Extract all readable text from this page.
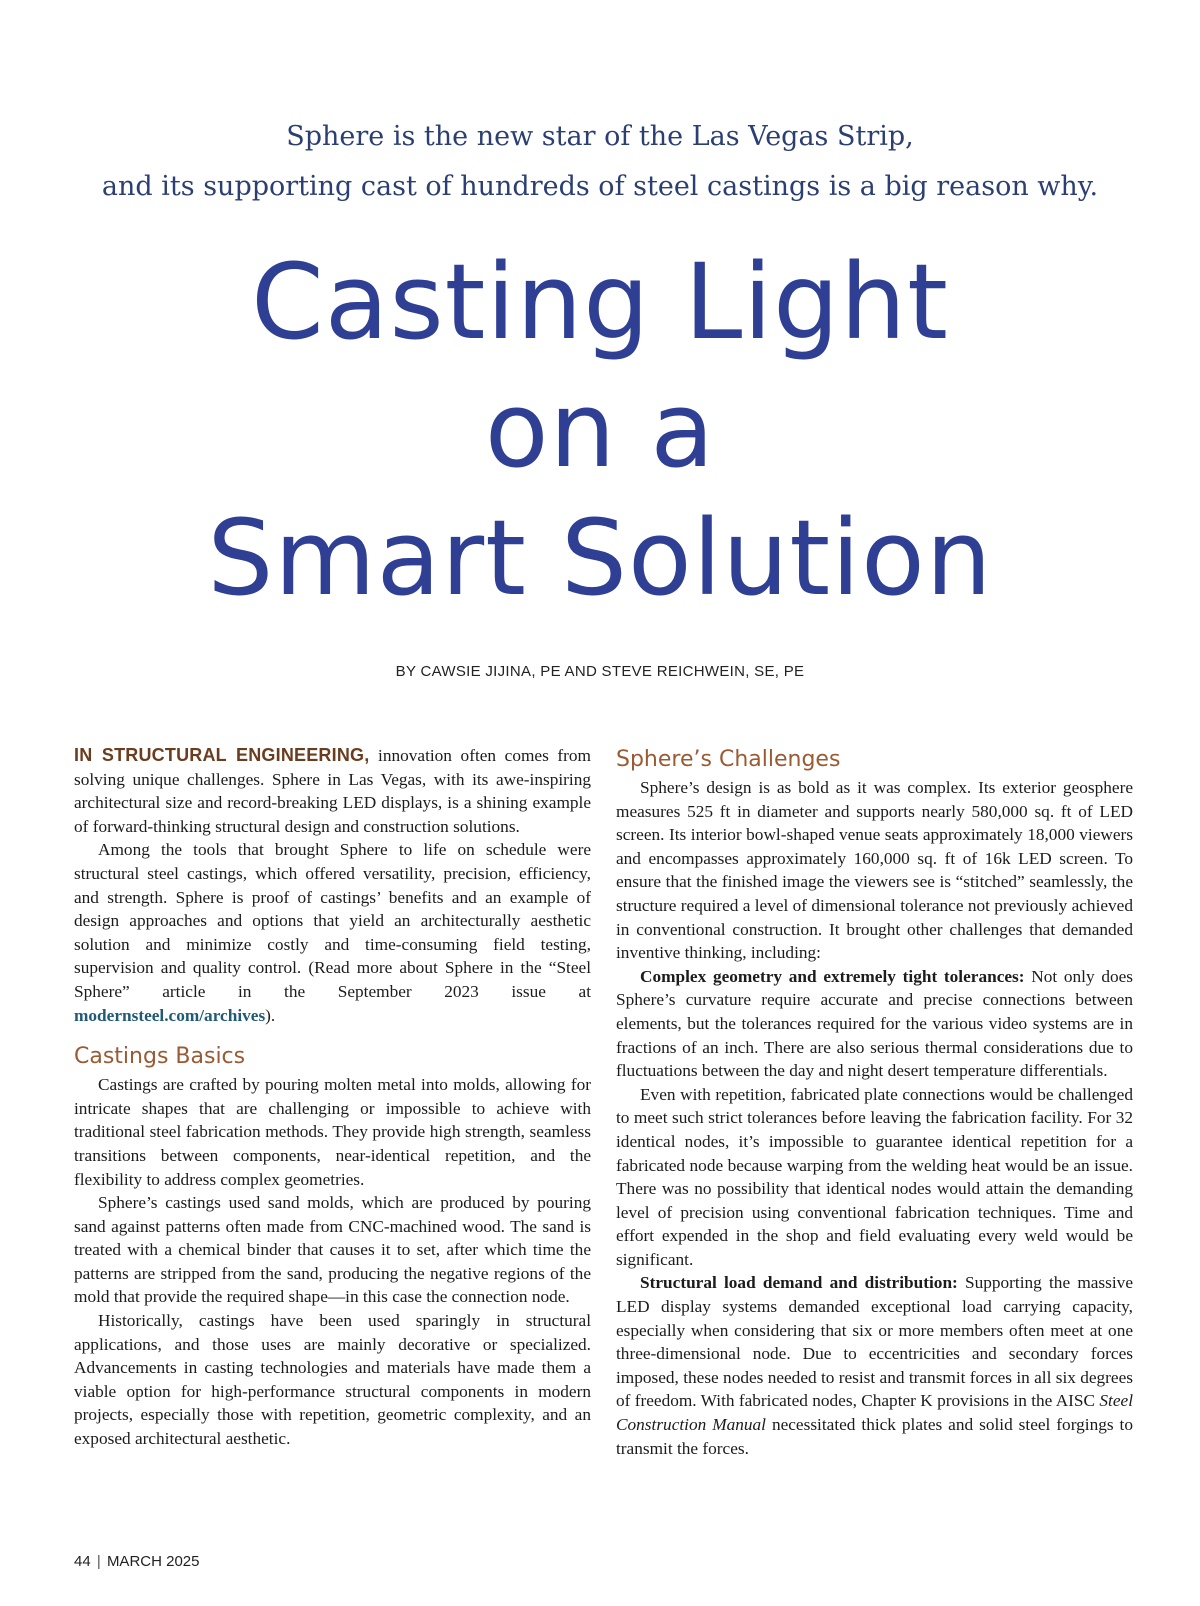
Sphere is the new star of the Las Vegas Strip,
and its supporting cast of hundreds of steel castings is a big reason why.
Casting Light
on a
Smart Solution
BY CAWSIE JIJINA, PE AND STEVE REICHWEIN, SE, PE

IN STRUCTURAL ENGINEERING, innovation often comes from solving unique challenges. Sphere in Las Vegas, with its awe-inspiring architectural size and record-breaking LED displays, is a shining example of forward-thinking structural design and construction solutions.

Among the tools that brought Sphere to life on schedule were structural steel castings, which offered versatility, precision, efficiency, and strength. Sphere is proof of castings’ benefits and an example of design approaches and options that yield an architecturally aesthetic solution and minimize costly and time-consuming field testing, supervision and quality control. (Read more about Sphere in the “Steel Sphere” article in the September 2023 issue at modernsteel.com/archives).

Castings Basics

Castings are crafted by pouring molten metal into molds, allowing for intricate shapes that are challenging or impossible to achieve with traditional steel fabrication methods. They provide high strength, seamless transitions between components, near-identical repetition, and the flexibility to address complex geometries.

Sphere’s castings used sand molds, which are produced by pouring sand against patterns often made from CNC-machined wood. The sand is treated with a chemical binder that causes it to set, after which time the patterns are stripped from the sand, producing the negative regions of the mold that provide the required shape—in this case the connection node.

Historically, castings have been used sparingly in structural applications, and those uses are mainly decorative or specialized. Advancements in casting technologies and materials have made them a viable option for high-performance structural components in modern projects, especially those with repetition, geometric complexity, and an exposed architectural aesthetic.

Sphere’s Challenges

Sphere’s design is as bold as it was complex. Its exterior geosphere measures 525 ft in diameter and supports nearly 580,000 sq. ft of LED screen. Its interior bowl-shaped venue seats approximately 18,000 viewers and encompasses approximately 160,000 sq. ft of 16k LED screen. To ensure that the finished image the viewers see is “stitched” seamlessly, the structure required a level of dimensional tolerance not previously achieved in conventional construction. It brought other challenges that demanded inventive thinking, including:

Complex geometry and extremely tight tolerances: Not only does Sphere’s curvature require accurate and precise connections between elements, but the tolerances required for the various video systems are in fractions of an inch. There are also serious thermal considerations due to fluctuations between the day and night desert temperature differentials.

Even with repetition, fabricated plate connections would be challenged to meet such strict tolerances before leaving the fabrication facility. For 32 identical nodes, it’s impossible to guarantee identical repetition for a fabricated node because warping from the welding heat would be an issue. There was no possibility that identical nodes would attain the demanding level of precision using conventional fabrication techniques. Time and effort expended in the shop and field evaluating every weld would be significant.

Structural load demand and distribution: Supporting the massive LED display systems demanded exceptional load carrying capacity, especially when considering that six or more members often meet at one three-dimensional node. Due to eccentricities and secondary forces imposed, these nodes needed to resist and transmit forces in all six degrees of freedom. With fabricated nodes, Chapter K provisions in the AISC Steel Construction Manual necessitated thick plates and solid steel forgings to transmit the forces.

44 | MARCH 2025
